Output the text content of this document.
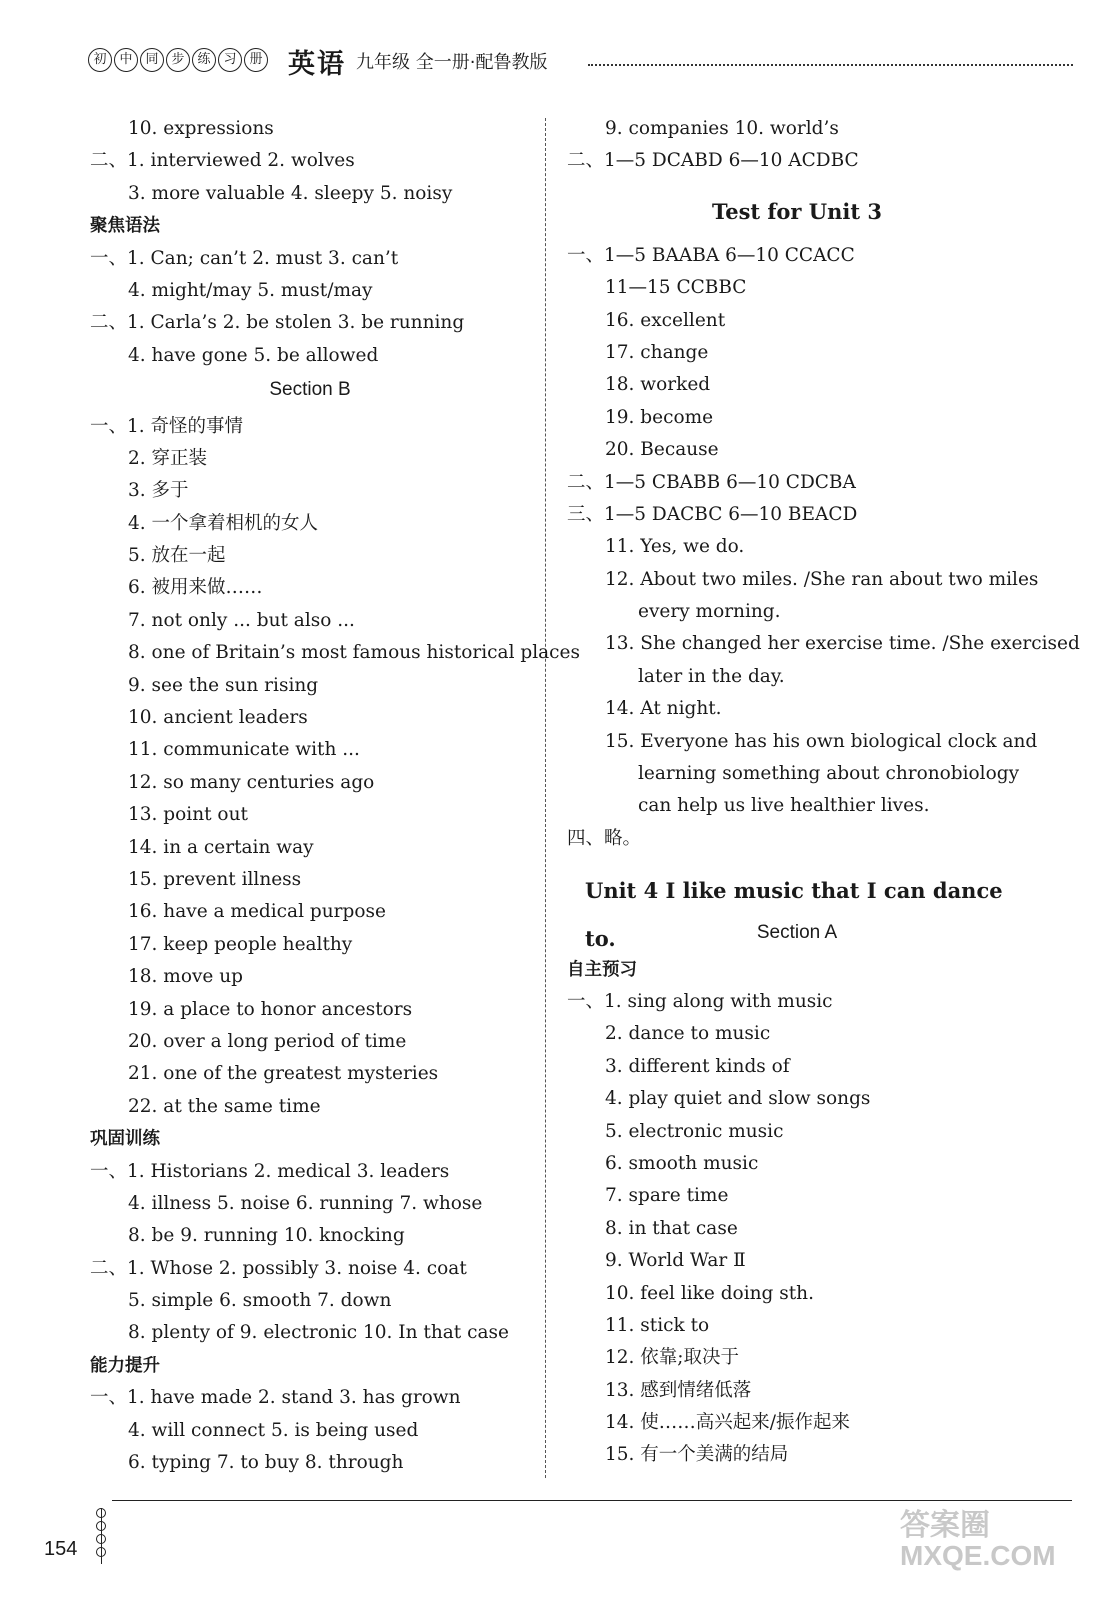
初 中 同 步 练 习 册 英语 九年级 全一册·配鲁教版
10. expressions
二、1. interviewed 2. wolves
3. more valuable 4. sleepy 5. noisy
聚焦语法
一、1. Can; can’t 2. must 3. can’t
4. might/may 5. must/may
二、1. Carla’s 2. be stolen 3. be running
4. have gone 5. be allowed
Section B
一、1. 奇怪的事情
2. 穿正装
3. 多于
4. 一个拿着相机的女人
5. 放在一起
6. 被用来做……
7. not only ... but also ...
8. one of Britain’s most famous historical places
9. see the sun rising
10. ancient leaders
11. communicate with ...
12. so many centuries ago
13. point out
14. in a certain way
15. prevent illness
16. have a medical purpose
17. keep people healthy
18. move up
19. a place to honor ancestors
20. over a long period of time
21. one of the greatest mysteries
22. at the same time
巩固训练
一、1. Historians 2. medical 3. leaders
4. illness 5. noise 6. running 7. whose
8. be 9. running 10. knocking
二、1. Whose 2. possibly 3. noise 4. coat
5. simple 6. smooth 7. down
8. plenty of 9. electronic 10. In that case
能力提升
一、1. have made 2. stand 3. has grown
4. will connect 5. is being used
6. typing 7. to buy 8. through
9. companies 10. world’s
二、1—5 DCABD 6—10 ACDBC
Test for Unit 3
一、1—5 BAABA 6—10 CCACC
11—15 CCBBC
16. excellent
17. change
18. worked
19. become
20. Because
二、1—5 CBABB 6—10 CDCBA
三、1—5 DACBC 6—10 BEACD
11. Yes, we do.
12. About two miles. /She ran about two miles
every morning.
13. She changed her exercise time. /She exercised
later in the day.
14. At night.
15. Everyone has his own biological clock and
learning something about chronobiology
can help us live healthier lives.
四、略。
Unit 4 I like music that I can dance to.	Section A
自主预习
一、1. sing along with music
2. dance to music
3. different kinds of
4. play quiet and slow songs
5. electronic music
6. smooth music
7. spare time
8. in that case
9. World War Ⅱ
10. feel like doing sth.
11. stick to
12. 依靠;取决于
13. 感到情绪低落
14. 使……高兴起来/振作起来
15. 有一个美满的结局
154
答案圈
MXQE.COM
